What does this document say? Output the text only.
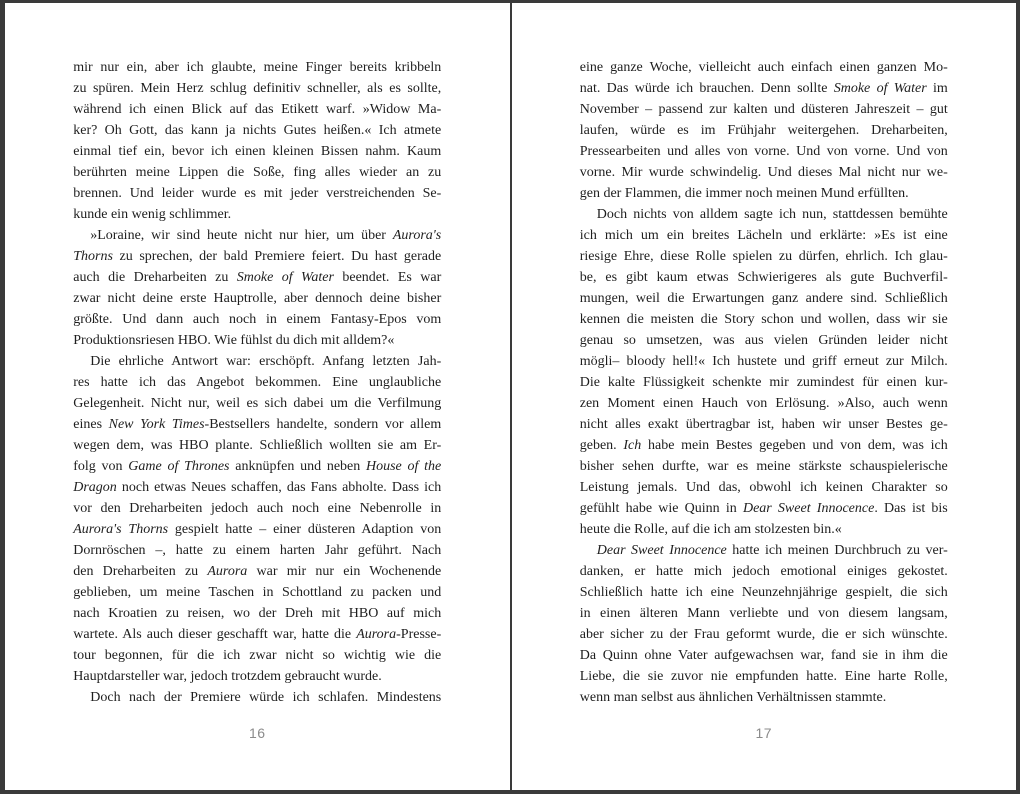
mir nur ein, aber ich glaubte, meine Finger bereits kribbeln
zu spüren. Mein Herz schlug definitiv schneller, als es sollte,
während ich einen Blick auf das Etikett warf. »Widow Ma-
ker? Oh Gott, das kann ja nichts Gutes heißen.« Ich atmete
einmal tief ein, bevor ich einen kleinen Bissen nahm. Kaum
berührten meine Lippen die Soße, fing alles wieder an zu
brennen. Und leider wurde es mit jeder verstreichenden Se-
kunde ein wenig schlimmer.
»Loraine, wir sind heute nicht nur hier, um über Aurora's
Thorns zu sprechen, der bald Premiere feiert. Du hast gerade
auch die Dreharbeiten zu Smoke of Water beendet. Es war
zwar nicht deine erste Hauptrolle, aber dennoch deine bisher
größte. Und dann auch noch in einem Fantasy-Epos vom
Produktionsriesen HBO. Wie fühlst du dich mit alldem?«
Die ehrliche Antwort war: erschöpft. Anfang letzten Jah-
res hatte ich das Angebot bekommen. Eine unglaubliche
Gelegenheit. Nicht nur, weil es sich dabei um die Verfilmung
eines New York Times-Bestsellers handelte, sondern vor allem
wegen dem, was HBO plante. Schließlich wollten sie am Er-
folg von Game of Thrones anknüpfen und neben House of the
Dragon noch etwas Neues schaffen, das Fans abholte. Dass ich
vor den Dreharbeiten jedoch auch noch eine Nebenrolle in
Aurora's Thorns gespielt hatte – einer düsteren Adaption von
Dornröschen –, hatte zu einem harten Jahr geführt. Nach
den Dreharbeiten zu Aurora war mir nur ein Wochenende
geblieben, um meine Taschen in Schottland zu packen und
nach Kroatien zu reisen, wo der Dreh mit HBO auf mich
wartete. Als auch dieser geschafft war, hatte die Aurora-Presse-
tour begonnen, für die ich zwar nicht so wichtig wie die
Hauptdarsteller war, jedoch trotzdem gebraucht wurde.
Doch nach der Premiere würde ich schlafen. Mindestens
16
eine ganze Woche, vielleicht auch einfach einen ganzen Mo-
nat. Das würde ich brauchen. Denn sollte Smoke of Water im
November – passend zur kalten und düsteren Jahreszeit – gut
laufen, würde es im Frühjahr weitergehen. Dreharbeiten,
Pressearbeiten und alles von vorne. Und von vorne. Und von
vorne. Mir wurde schwindelig. Und dieses Mal nicht nur we-
gen der Flammen, die immer noch meinen Mund erfüllten.
Doch nichts von alldem sagte ich nun, stattdessen bemühte
ich mich um ein breites Lächeln und erklärte: »Es ist eine
riesige Ehre, diese Rolle spielen zu dürfen, ehrlich. Ich glau-
be, es gibt kaum etwas Schwierigeres als gute Buchverfil-
mungen, weil die Erwartungen ganz andere sind. Schließlich
kennen die meisten die Story schon und wollen, dass wir sie
genau so umsetzen, was aus vielen Gründen leider nicht
mögli– bloody hell!« Ich hustete und griff erneut zur Milch.
Die kalte Flüssigkeit schenkte mir zumindest für einen kur-
zen Moment einen Hauch von Erlösung. »Also, auch wenn
nicht alles exakt übertragbar ist, haben wir unser Bestes ge-
geben. Ich habe mein Bestes gegeben und von dem, was ich
bisher sehen durfte, war es meine stärkste schauspielerische
Leistung jemals. Und das, obwohl ich keinen Charakter so
gefühlt habe wie Quinn in Dear Sweet Innocence. Das ist bis
heute die Rolle, auf die ich am stolzesten bin.«
Dear Sweet Innocence hatte ich meinen Durchbruch zu ver-
danken, er hatte mich jedoch emotional einiges gekostet.
Schließlich hatte ich eine Neunzehnjährige gespielt, die sich
in einen älteren Mann verliebte und von diesem langsam,
aber sicher zu der Frau geformt wurde, die er sich wünschte.
Da Quinn ohne Vater aufgewachsen war, fand sie in ihm die
Liebe, die sie zuvor nie empfunden hatte. Eine harte Rolle,
wenn man selbst aus ähnlichen Verhältnissen stammte.
17
